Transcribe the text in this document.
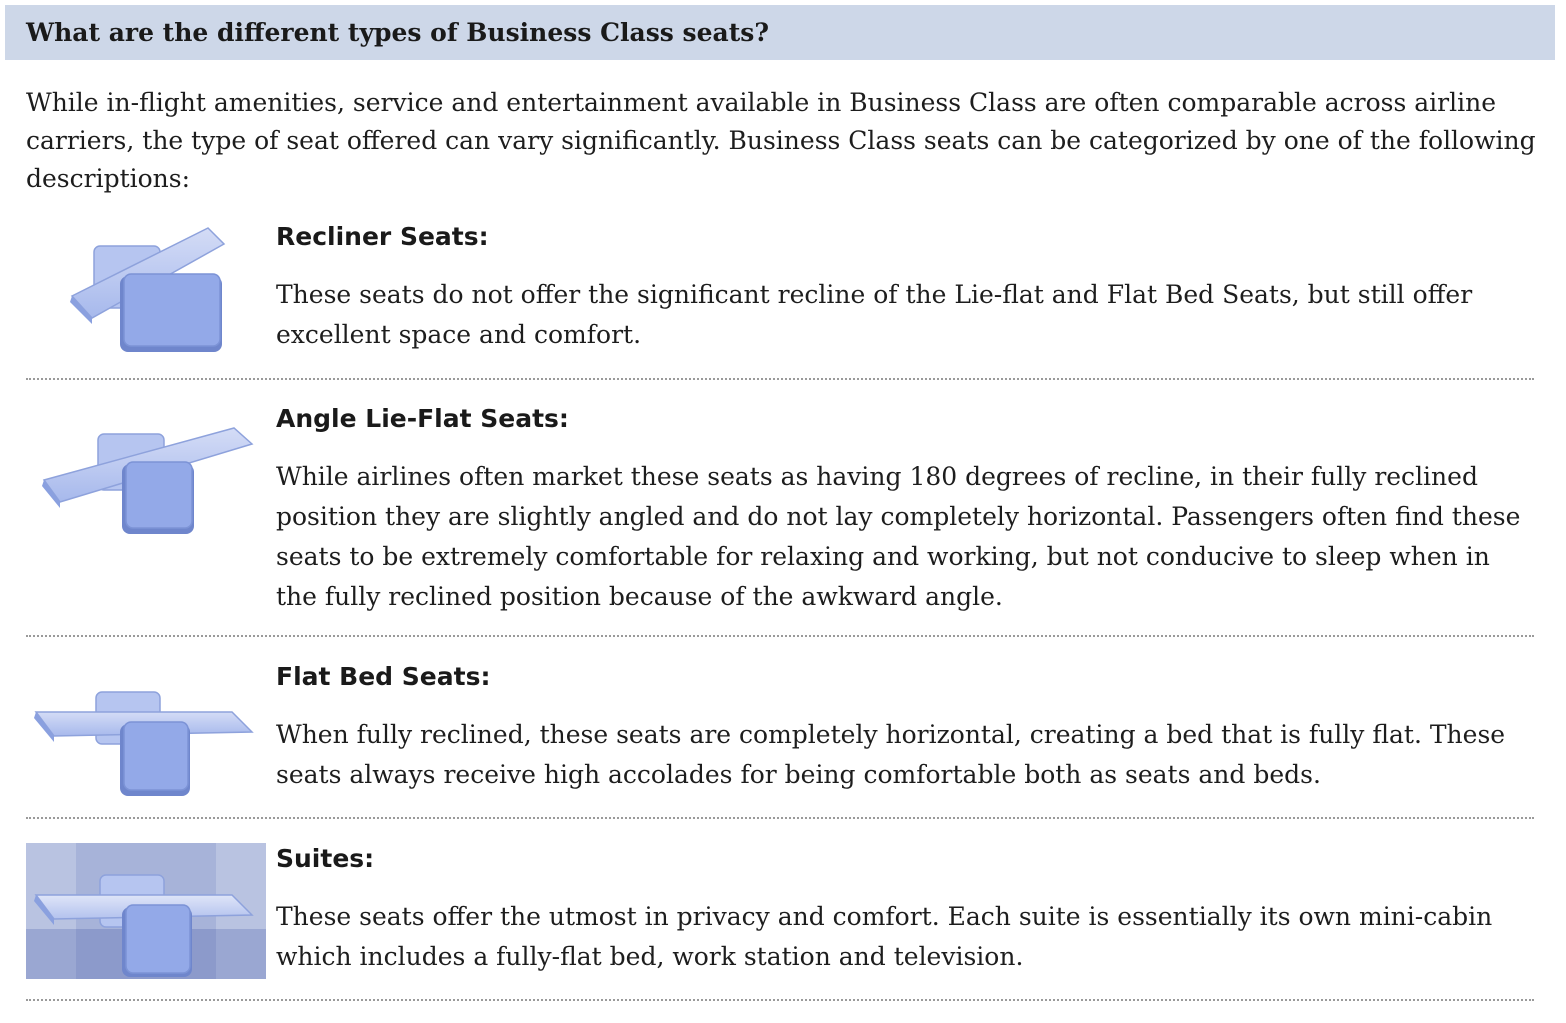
What are the different types of Business Class seats?

While in-flight amenities, service and entertainment available in Business Class are often comparable across airline carriers, the type of seat offered can vary significantly. Business Class seats can be categorized by one of the following descriptions:

Recliner Seats:

These seats do not offer the significant recline of the Lie-flat and Flat Bed Seats, but still offer excellent space and comfort.

Angle Lie-Flat Seats:

While airlines often market these seats as having 180 degrees of recline, in their fully reclined position they are slightly angled and do not lay completely horizontal. Passengers often find these seats to be extremely comfortable for relaxing and working, but not conducive to sleep when in the fully reclined position because of the awkward angle.

Flat Bed Seats:

When fully reclined, these seats are completely horizontal, creating a bed that is fully flat. These seats always receive high accolades for being comfortable both as seats and beds.

Suites:

These seats offer the utmost in privacy and comfort. Each suite is essentially its own mini-cabin which includes a fully-flat bed, work station and television.
